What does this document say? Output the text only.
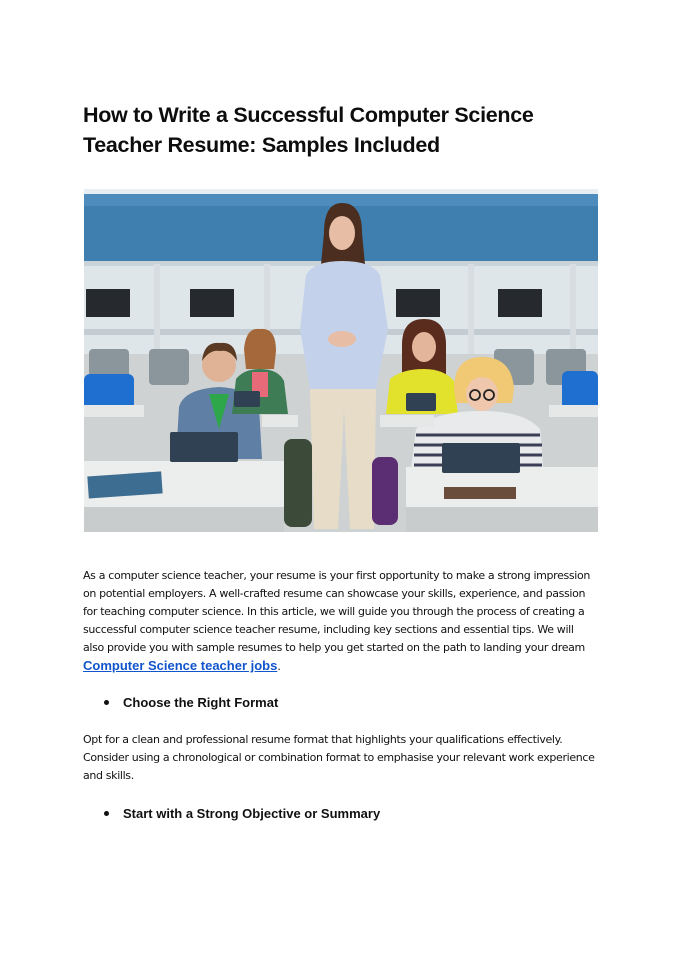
How to Write a Successful Computer Science Teacher Resume: Samples Included

As a computer science teacher, your resume is your first opportunity to make a strong impression on potential employers. A well-crafted resume can showcase your skills, experience, and passion for teaching computer science. In this article, we will guide you through the process of creating a successful computer science teacher resume, including key sections and essential tips. We will also provide you with sample resumes to help you get started on the path to landing your dream Computer Science teacher jobs.

Choose the Right Format

Opt for a clean and professional resume format that highlights your qualifications effectively. Consider using a chronological or combination format to emphasise your relevant work experience and skills.

Start with a Strong Objective or Summary
